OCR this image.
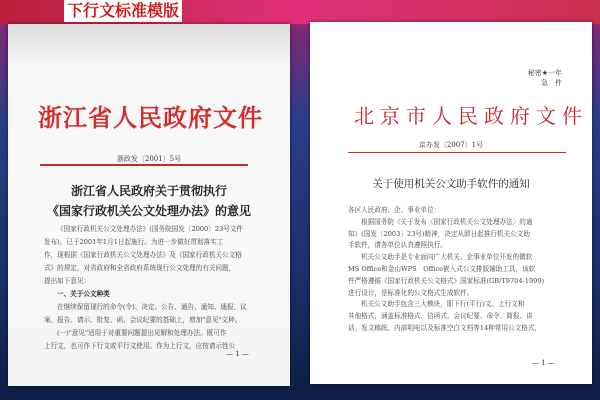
下行文标准模版
浙江省人民政府文件
浙政发〔2001〕5号
浙江省人民政府关于贯彻执行
《国家行政机关公文处理办法》的意见

《国家行政机关公文处理办法》(国务院国发〔2000〕23号文件

发布)，已于2001年1月1日起施行。为进一步做好贯彻落实工

作，现根据《国家行政机关公文处理办法》及《国家行政机关公文格

式》的规定，对省政府和全省政府系统现行公文处理的有关问题，

提出如下意见：

一、关于公文种类

在继续保留现行的命令(令)、决定、公告、通告、通知、通报、议

案、报告、请示、批复、函、会议纪要的基础上，增加"意见"文种。

(一)"意见"适用于对重要问题提出见解和处理办法。既可作

上行文，也可作下行文或平行文使用。作为上行文，应按请示性公

— 1 —
秘密★一年
急　件
北京市人民政府文件
京办发〔2007〕1号
关于使用机关公文助手软件的通知

各区人民政府、企、事业单位：

根据国务院《关于发布〈国家行政机关公文处理办法〉的通

知》(国发〔2003〕23号)精神，决定从即日起推行机关公文助

手软件，请各单位认真遵照执行。

机关公文助手是专业面向广大机关、企事业单位开发的微软

MS Office和金山WPS　Office嵌入式公文排版辅助工具，该软

件严格遵循《国家行政机关公文格式》国家标准(GB/T9704-1999)

进行设计，是标准化的公文格式生成软件。

机关公文助手包含三大模块，即下行(平行)文、上行文和

其他格式，涵盖标准格式、信函式、会议纪要、命令、简报、讲

话、发文稿纸、内部明电以及标准空白文档等14种常用公文格式，

— 1 —
